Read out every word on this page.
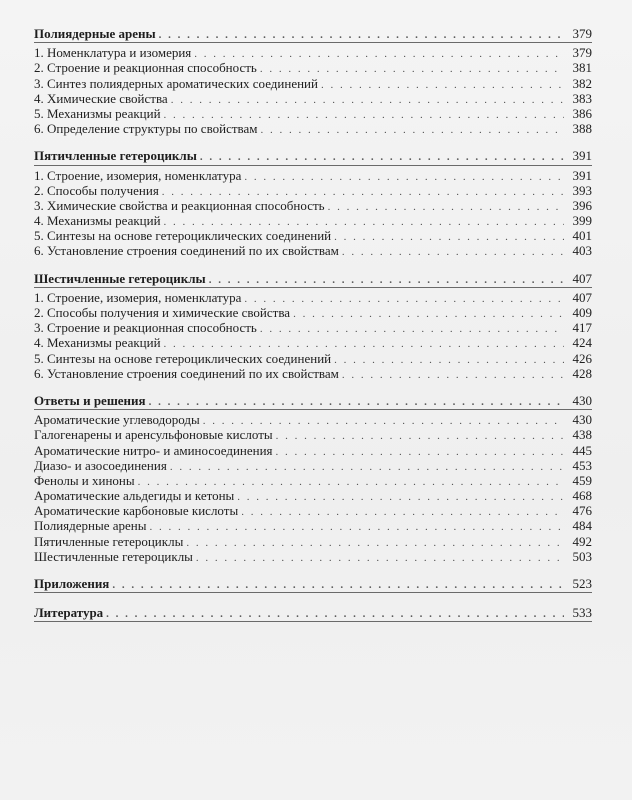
Полиядерные арены . . .	379
1. Номенклатура и изомерия . . .	379
2. Строение и реакционная способность . . .	381
3. Синтез полиядерных ароматических соединений . . .	382
4. Химические свойства . . .	383
5. Механизмы реакций . . .	386
6. Определение структуры по свойствам . . .	388
Пятичленные гетероциклы . . .	391
1. Строение, изомерия, номенклатура . . .	391
2. Способы получения . . .	393
3. Химические свойства и реакционная способность . . .	396
4. Механизмы реакций . . .	399
5. Синтезы на основе гетероциклических соединений . . .	401
6. Установление строения соединений по их свойствам . . .	403
Шестичленные гетероциклы . . .	407
1. Строение, изомерия, номенклатура . . .	407
2. Способы получения и химические свойства . . .	409
3. Строение и реакционная способность . . .	417
4. Механизмы реакций . . .	424
5. Синтезы на основе гетероциклических соединений . . .	426
6. Установление строения соединений по их свойствам . . .	428
Ответы и решения . . .	430
Ароматические углеводороды . . .	430
Галогенарены и аренсульфоновые кислоты . . .	438
Ароматические нитро- и аминосоединения . . .	445
Диазо- и азосоединения . . .	453
Фенолы и хиноны . . .	459
Ароматические альдегиды и кетоны . . .	468
Ароматические карбоновые кислоты . . .	476
Полиядерные арены . . .	484
Пятичленные гетероциклы . . .	492
Шестичленные гетероциклы . . .	503
Приложения . . .	523
Литература . . .	533
